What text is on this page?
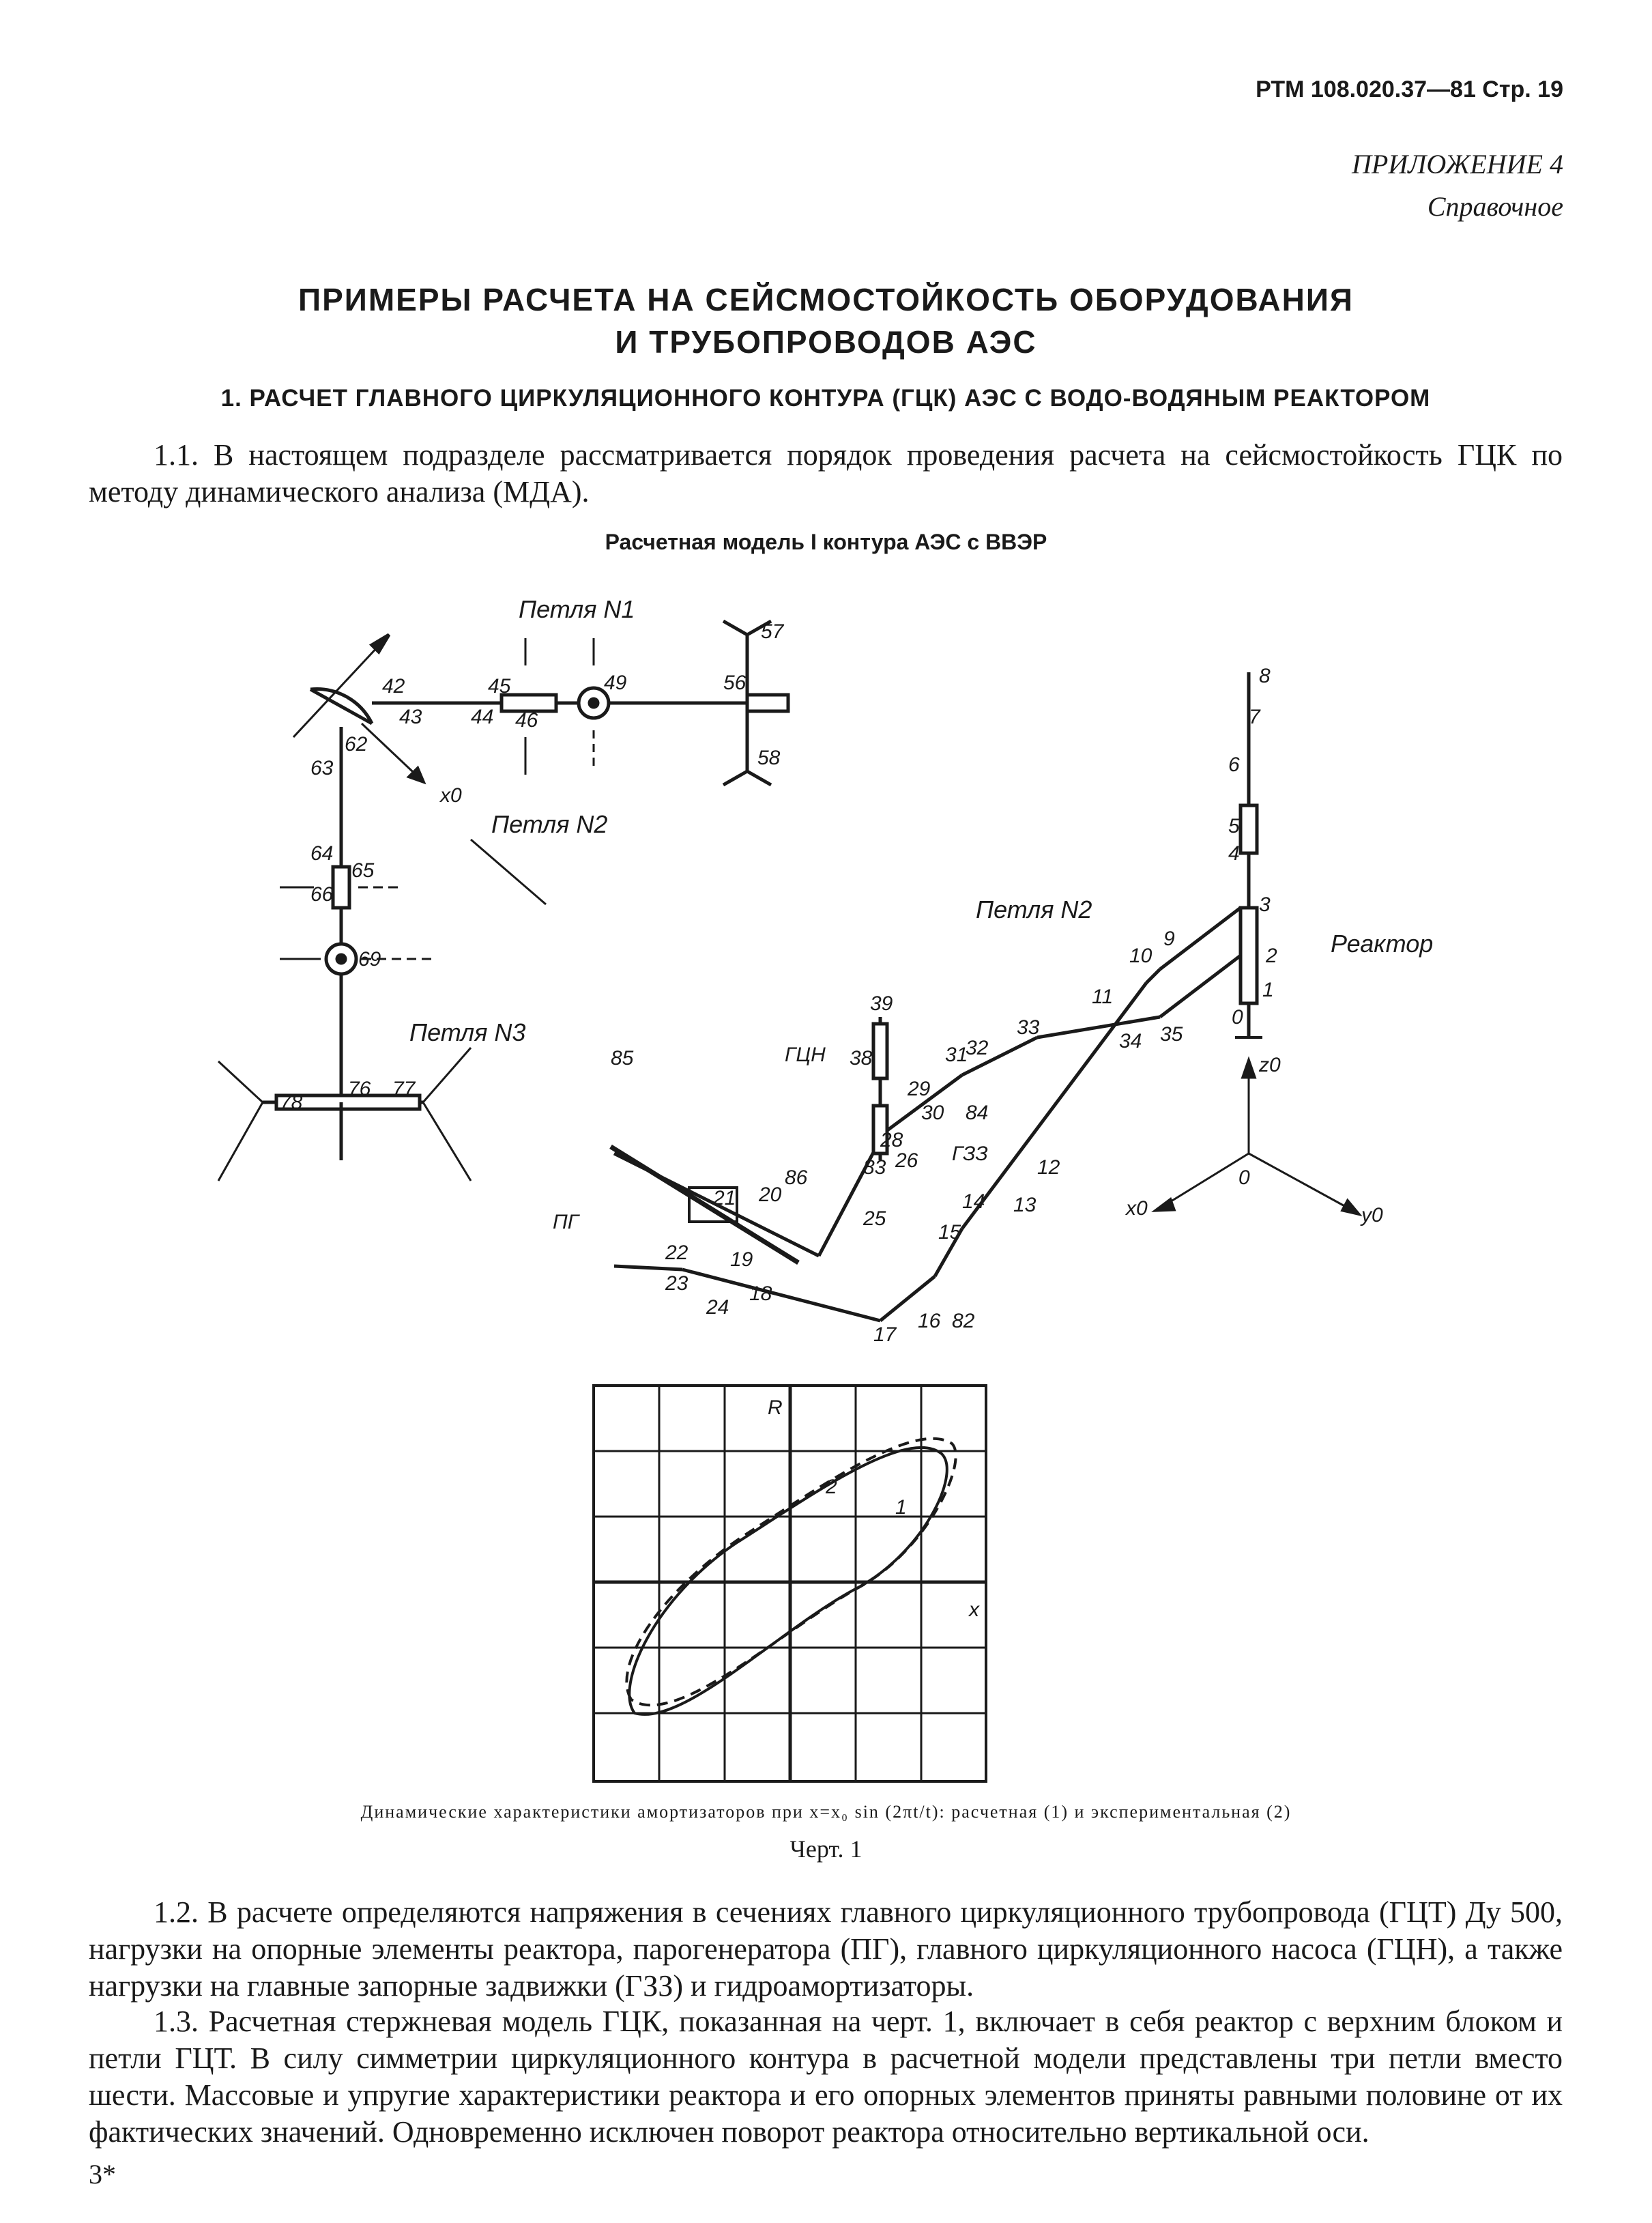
РТМ 108.020.37—81 Стр. 19
ПРИЛОЖЕНИЕ 4
Справочное
ПРИМЕРЫ РАСЧЕТА НА СЕЙСМОСТОЙКОСТЬ ОБОРУДОВАНИЯ
И ТРУБОПРОВОДОВ АЭС
1. РАСЧЕТ ГЛАВНОГО ЦИРКУЛЯЦИОННОГО КОНТУРА (ГЦК) АЭС С ВОДО-ВОДЯНЫМ РЕАКТОРОМ
1.1. В настоящем подразделе рассматривается порядок проведения расчета на сейсмостойкость ГЦК по методу динамического анализа (МДА).
Расчетная модель I контура АЭС с ВВЭР
Петля N1
Петля N2
Петля N2
Петля N3
Реактор
ГЦН
ПГ
ГЗЗ
z0
x0	y0
0
x0
42
43 44
45
46
49	56
57
58
62
63
64
65
66
69
76 77
78
0
1
2
3
4
5
6
7
8
9
10
11
12
13
14
15
16
17
18
19
20
21
22
23
24
25
26
28
29
30
31
32
33
34 35
38
39
82
83
84
85
86
R
x
1
2
Динамические характеристики амортизаторов при x=x₀ sin (2πt/t): расчетная (1) и экспериментальная (2)
Черт. 1
1.2. В расчете определяются напряжения в сечениях главного циркуляционного трубопровода (ГЦТ) Ду 500, нагрузки на опорные элементы реактора, парогенератора (ПГ), главного циркуляционного насоса (ГЦН), а также нагрузки на главные запорные задвижки (ГЗЗ) и гидроамортизаторы.
1.3. Расчетная стержневая модель ГЦК, показанная на черт. 1, включает в себя реактор с верхним блоком и петли ГЦТ. В силу симметрии циркуляционного контура в расчетной модели представлены три петли вместо шести. Массовые и упругие характеристики реактора и его опорных элементов приняты равными половине от их фактических значений. Одновременно исключен поворот реактора относительно вертикальной оси.
3*
